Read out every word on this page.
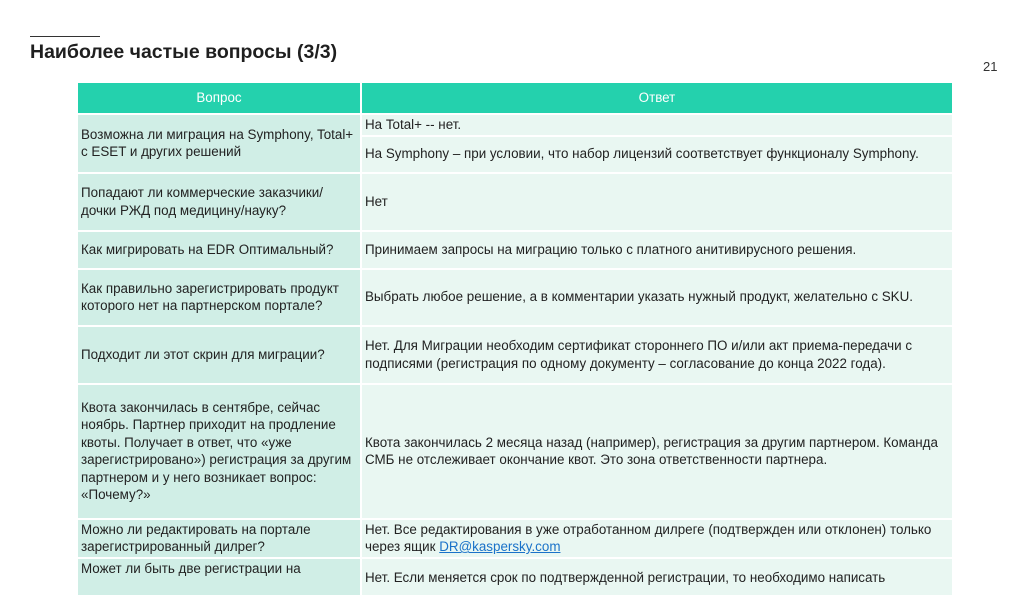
Наиболее частые вопросы (3/3)
21
Вопрос	Ответ
Возможна ли миграция на Symphony, Total+ с ESET и других решений	На Total+ -- нет.
	На Symphony – при условии, что набор лицензий соответствует функционалу Symphony.
Попадают ли коммерческие заказчики/дочки РЖД под медицину/науку?	Нет
Как мигрировать на EDR Оптимальный?	Принимаем запросы на миграцию только с платного анитивирусного решения.
Как правильно зарегистрировать продукт которого нет на партнерском портале?	Выбрать любое решение, а в комментарии указать нужный продукт, желательно с SKU.
Подходит ли этот скрин для миграции?	Нет. Для Миграции необходим сертификат стороннего ПО и/или акт приема-передачи с подписями (регистрация по одному документу – согласование до конца 2022 года).
Квота закончилась в сентябре, сейчас ноябрь. Партнер приходит на продление квоты. Получает в ответ, что «уже зарегистрировано») регистрация за другим партнером и у него возникает вопрос:
«Почему?»	Квота закончилась 2 месяца назад (например), регистрация за другим партнером. Команда СМБ не отслеживает окончание квот. Это зона ответственности партнера.
Можно ли редактировать на портале зарегистрированный дилрег?	Нет. Все редактирования в уже отработанном дилреге (подтвержден или отклонен) только через ящик DR@kaspersky.com
Может ли быть две регистрации на	Нет. Если меняется срок по подтвержденной регистрации, то необходимо написать
